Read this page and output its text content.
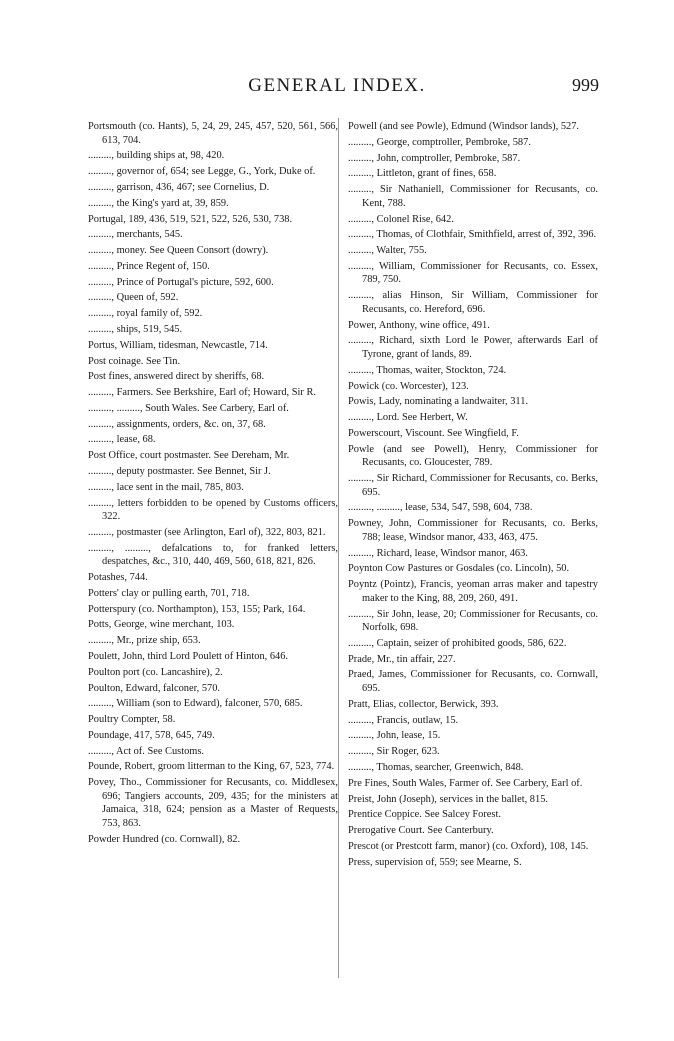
GENERAL INDEX.	999

Portsmouth (co. Hants), 5, 24, 29, 245, 457, 520, 561, 566, 613, 704.

........., building ships at, 98, 420.

........., governor of, 654; see Legge, G., York, Duke of.

........., garrison, 436, 467; see Cornelius, D.

........., the King's yard at, 39, 859.

Portugal, 189, 436, 519, 521, 522, 526, 530, 738.

........., merchants, 545.

........., money. See Queen Consort (dowry).

........., Prince Regent of, 150.

........., Prince of Portugal's picture, 592, 600.

........., Queen of, 592.

........., royal family of, 592.

........., ships, 519, 545.

Portus, William, tidesman, Newcastle, 714.

Post coinage. See Tin.

Post fines, answered direct by sheriffs, 68.

........., Farmers. See Berkshire, Earl of; Howard, Sir R.

........., ........., South Wales. See Carbery, Earl of.

........., assignments, orders, &c. on, 37, 68.

........., lease, 68.

Post Office, court postmaster. See Dereham, Mr.

........., deputy postmaster. See Bennet, Sir J.

........., lace sent in the mail, 785, 803.

........., letters forbidden to be opened by Customs officers, 322.

........., postmaster (see Arlington, Earl of), 322, 803, 821.

........., ........., defalcations to, for franked letters, despatches, &c., 310, 440, 469, 560, 618, 821, 826.

Potashes, 744.

Potters' clay or pulling earth, 701, 718.

Potterspury (co. Northampton), 153, 155; Park, 164.

Potts, George, wine merchant, 103.

........., Mr., prize ship, 653.

Poulett, John, third Lord Poulett of Hinton, 646.

Poulton port (co. Lancashire), 2.

Poulton, Edward, falconer, 570.

........., William (son to Edward), falconer, 570, 685.

Poultry Compter, 58.

Poundage, 417, 578, 645, 749.

........., Act of. See Customs.

Pounde, Robert, groom litterman to the King, 67, 523, 774.

Povey, Tho., Commissioner for Recusants, co. Middlesex, 696; Tangiers accounts, 209, 435; for the ministers at Jamaica, 318, 624; pension as a Master of Requests, 753, 863.

Powder Hundred (co. Cornwall), 82.

Powell (and see Powle), Edmund (Windsor lands), 527.

........., George, comptroller, Pembroke, 587.

........., John, comptroller, Pembroke, 587.

........., Littleton, grant of fines, 658.

........., Sir Nathaniell, Commissioner for Recusants, co. Kent, 788.

........., Colonel Rise, 642.

........., Thomas, of Clothfair, Smithfield, arrest of, 392, 396.

........., Walter, 755.

........., William, Commissioner for Recusants, co. Essex, 789, 750.

........., alias Hinson, Sir William, Commissioner for Recusants, co. Hereford, 696.

Power, Anthony, wine office, 491.

........., Richard, sixth Lord le Power, afterwards Earl of Tyrone, grant of lands, 89.

........., Thomas, waiter, Stockton, 724.

Powick (co. Worcester), 123.

Powis, Lady, nominating a landwaiter, 311.

........., Lord. See Herbert, W.

Powerscourt, Viscount. See Wingfield, F.

Powle (and see Powell), Henry, Commissioner for Recusants, co. Gloucester, 789.

........., Sir Richard, Commissioner for Recusants, co. Berks, 695.

........., ........., lease, 534, 547, 598, 604, 738.

Powney, John, Commissioner for Recusants, co. Berks, 788; lease, Windsor manor, 433, 463, 475.

........., Richard, lease, Windsor manor, 463.

Poynton Cow Pastures or Gosdales (co. Lincoln), 50.

Poyntz (Pointz), Francis, yeoman arras maker and tapestry maker to the King, 88, 209, 260, 491.

........., Sir John, lease, 20; Commissioner for Recusants, co. Norfolk, 698.

........., Captain, seizer of prohibited goods, 586, 622.

Prade, Mr., tin affair, 227.

Praed, James, Commissioner for Recusants, co. Cornwall, 695.

Pratt, Elias, collector, Berwick, 393.

........., Francis, outlaw, 15.

........., John, lease, 15.

........., Sir Roger, 623.

........., Thomas, searcher, Greenwich, 848.

Pre Fines, South Wales, Farmer of. See Carbery, Earl of.

Preist, John (Joseph), services in the ballet, 815.

Prentice Coppice. See Salcey Forest.

Prerogative Court. See Canterbury.

Prescot (or Prestcott farm, manor) (co. Oxford), 108, 145.

Press, supervision of, 559; see Mearne, S.
